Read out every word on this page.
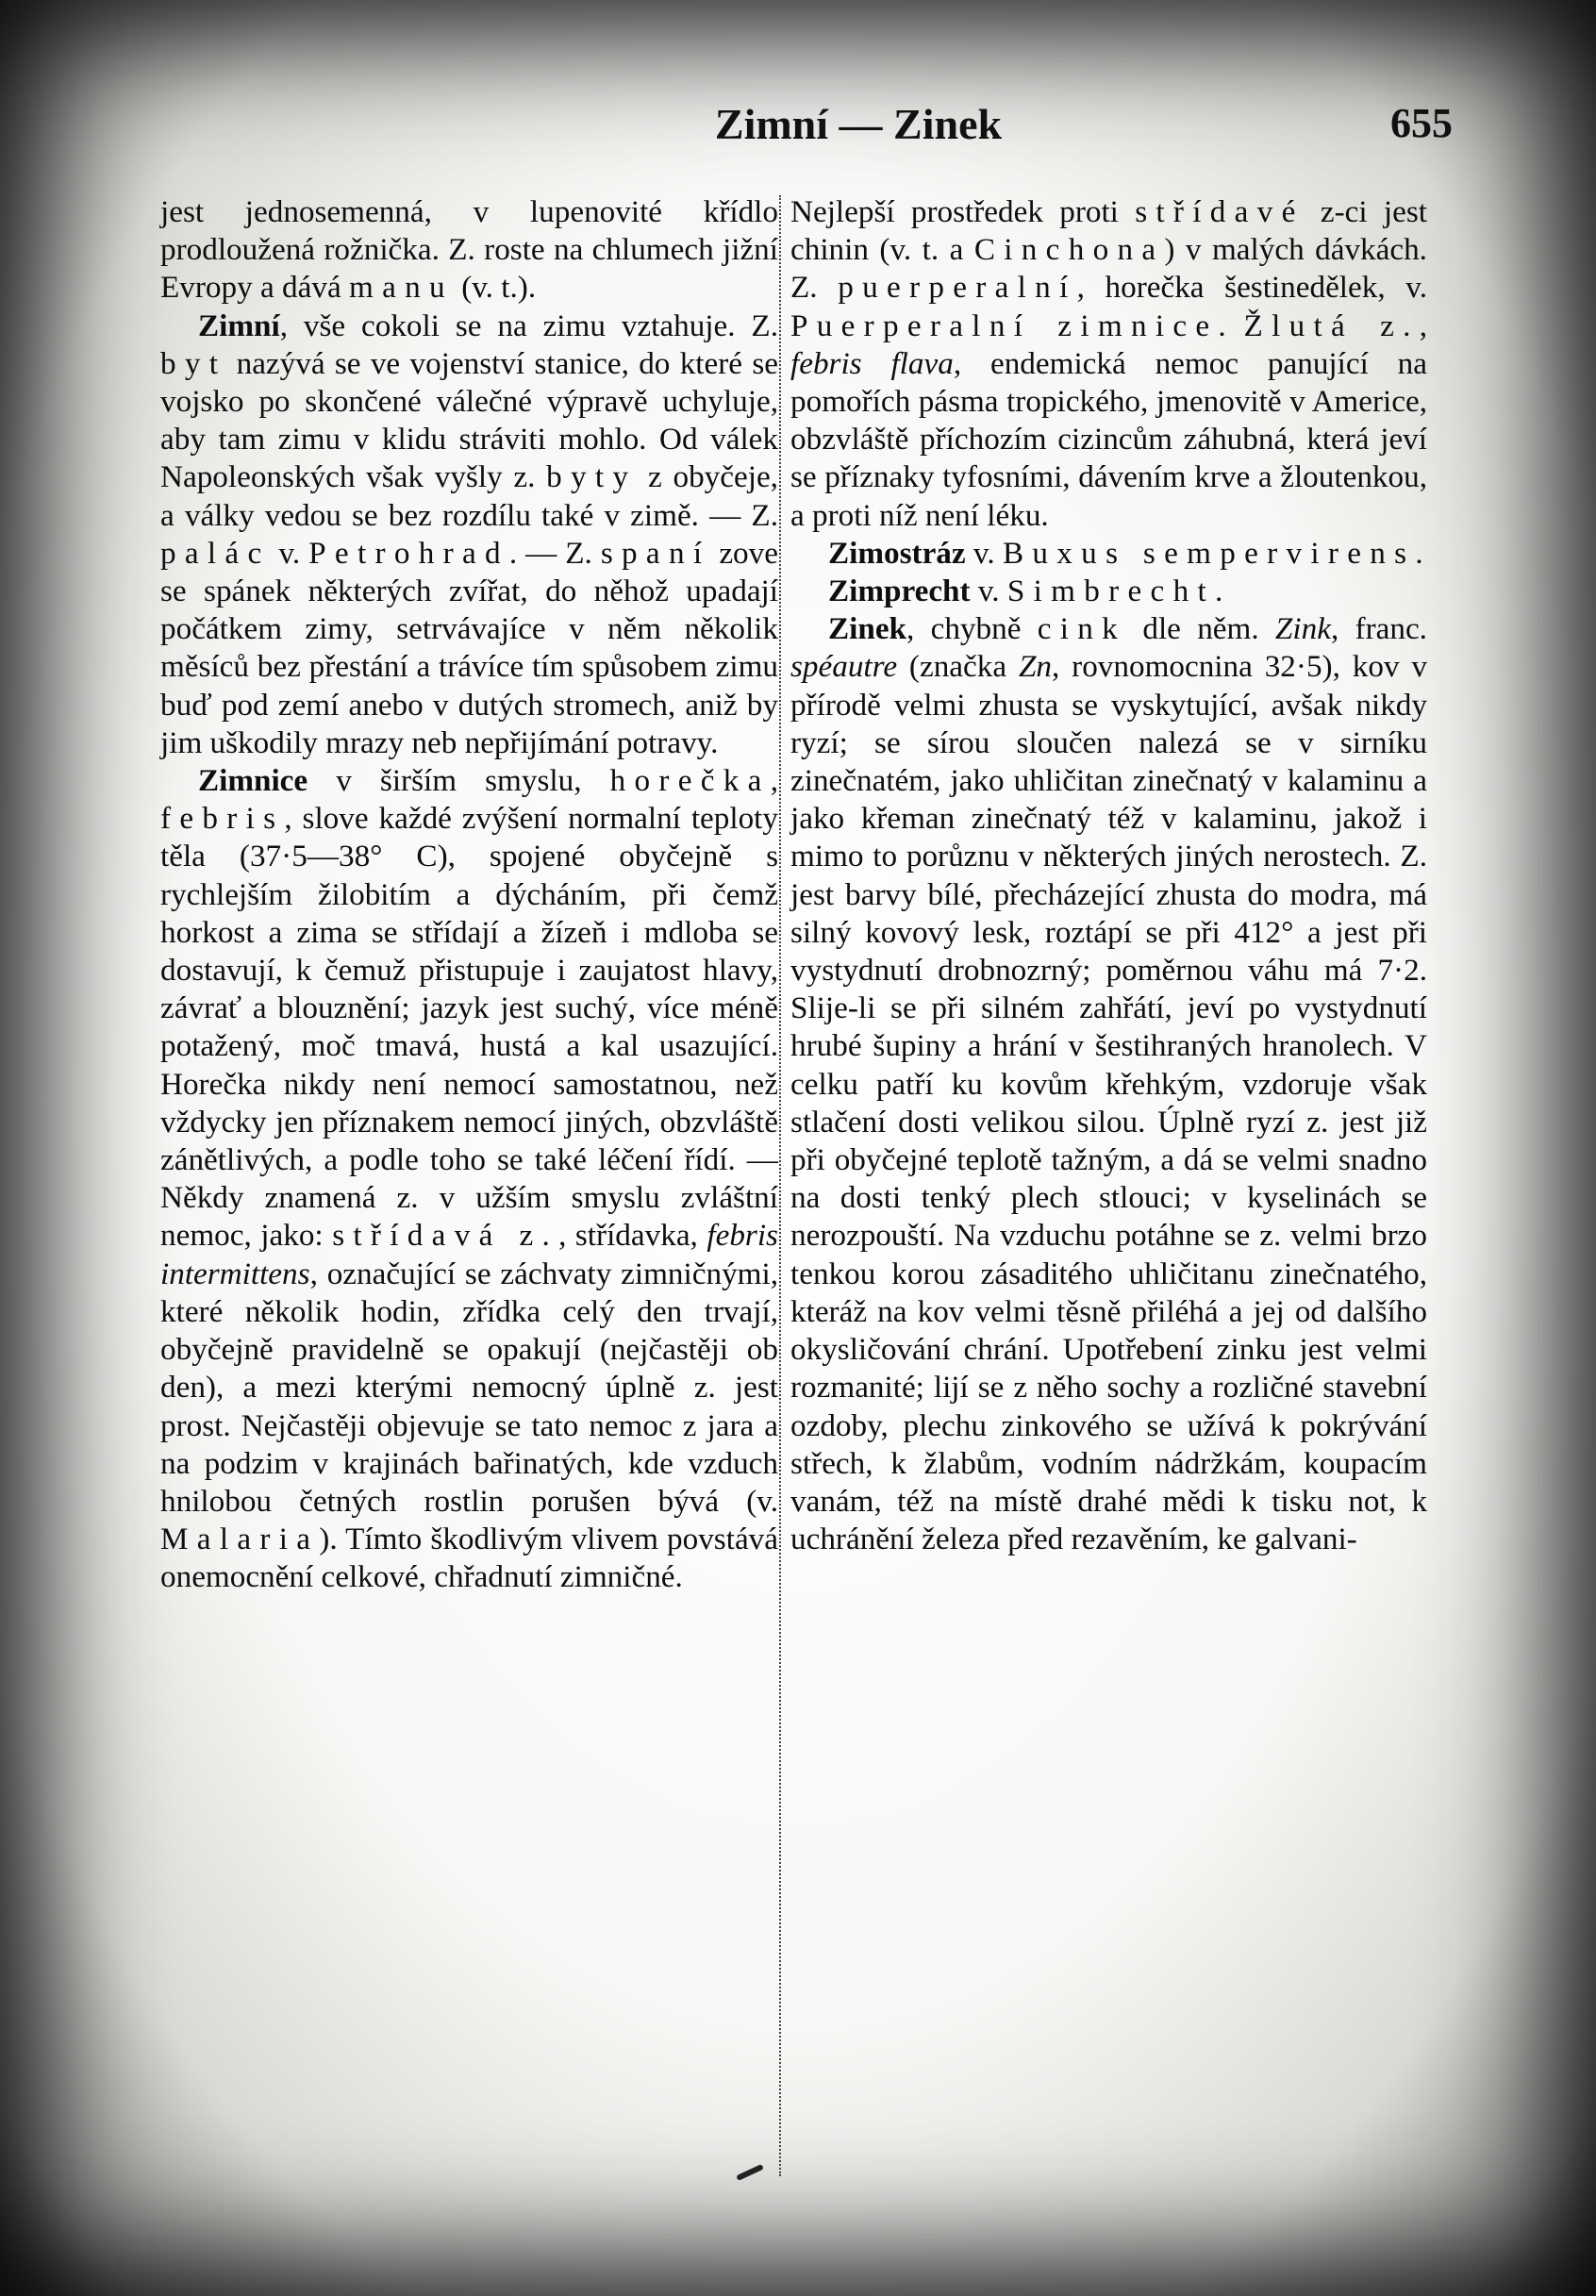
Zimní — Zinek	655

jest jednosemenná, v lupenovité křídlo prodloužená rožnička. Z. roste na chlumech jižní Evropy a dává manu (v. t.).

Zimní, vše cokoli se na zimu vztahuje. Z. byt nazývá se ve vojenství stanice, do které se vojsko po skončené válečné výpravě uchyluje, aby tam zimu v klidu stráviti mohlo. Od válek Napoleonských však vyšly z. byty z obyčeje, a války vedou se bez rozdílu také v zimě. — Z. palác v. Petrohrad. — Z. spaní zove se spánek některých zvířat, do něhož upadají počátkem zimy, setrvávajíce v něm několik měsíců bez přestání a trávíce tím spůsobem zimu buď pod zemí anebo v dutých stromech, aniž by jim uškodily mrazy neb nepřijímání potravy.

Zimnice v širším smyslu, horečka, febris, slove každé zvýšení normalní teploty těla (37·5—38° C), spojené obyčejně s rychlejším žilobitím a dýcháním, při čemž horkost a zima se střídají a žízeň i mdloba se dostavují, k čemuž přistupuje i zaujatost hlavy, závrať a blouznění; jazyk jest suchý, více méně potažený, moč tmavá, hustá a kal usazující. Horečka nikdy není nemocí samostatnou, než vždycky jen příznakem nemocí jiných, obzvláště zánětlivých, a podle toho se také léčení řídí. — Někdy znamená z. v užším smyslu zvláštní nemoc, jako: střídavá z., střídavka, febris intermittens, označující se záchvaty zimničnými, které několik hodin, zřídka celý den trvají, obyčejně pravidelně se opakují (nejčastěji ob den), a mezi kterými nemocný úplně z. jest prost. Nejčastěji objevuje se tato nemoc z jara a na podzim v krajinách bařinatých, kde vzduch hnilobou četných rostlin porušen bývá (v. Malaria). Tímto škodlivým vlivem povstává onemocnění celkové, chřadnutí zimničné.

Nejlepší prostředek proti střídavé z-ci jest chinin (v. t. a Cinchona) v malých dávkách. Z. puerperalní, horečka šestinedělek, v. Puerperalní zimnice. Žlutá z., febris flava, endemická nemoc panující na pomořích pásma tropického, jmenovitě v Americe, obzvláště příchozím cizincům záhubná, která jeví se příznaky tyfosními, dávením krve a žloutenkou, a proti níž není léku.

Zimostráz v. Buxus sempervirens.

Zimprecht v. Simbrecht.

Zinek, chybně cink dle něm. Zink, franc. spéautre (značka Zn, rovnomocnina 32·5), kov v přírodě velmi zhusta se vyskytující, avšak nikdy ryzí; se sírou sloučen nalezá se v sirníku zinečnatém, jako uhličitan zinečnatý v kalaminu a jako křeman zinečnatý též v kalaminu, jakož i mimo to porůznu v některých jiných nerostech. Z. jest barvy bílé, přecházející zhusta do modra, má silný kovový lesk, roztápí se při 412° a jest při vystydnutí drobnozrný; poměrnou váhu má 7·2. Slije-li se při silném zahřátí, jeví po vystydnutí hrubé šupiny a hrání v šestihraných hranolech. V celku patří ku kovům křehkým, vzdoruje však stlačení dosti velikou silou. Úplně ryzí z. jest již při obyčejné teplotě tažným, a dá se velmi snadno na dosti tenký plech stlouci; v kyselinách se nerozpouští. Na vzduchu potáhne se z. velmi brzo tenkou korou zásaditého uhličitanu zinečnatého, kteráž na kov velmi těsně přiléhá a jej od dalšího okysličování chrání. Upotřebení zinku jest velmi rozmanité; lijí se z něho sochy a rozličné stavební ozdoby, plechu zinkového se užívá k pokrývání střech, k žlabům, vodním nádržkám, koupacím vanám, též na místě drahé mědi k tisku not, k uchránění železa před rezavěním, ke galvani-
